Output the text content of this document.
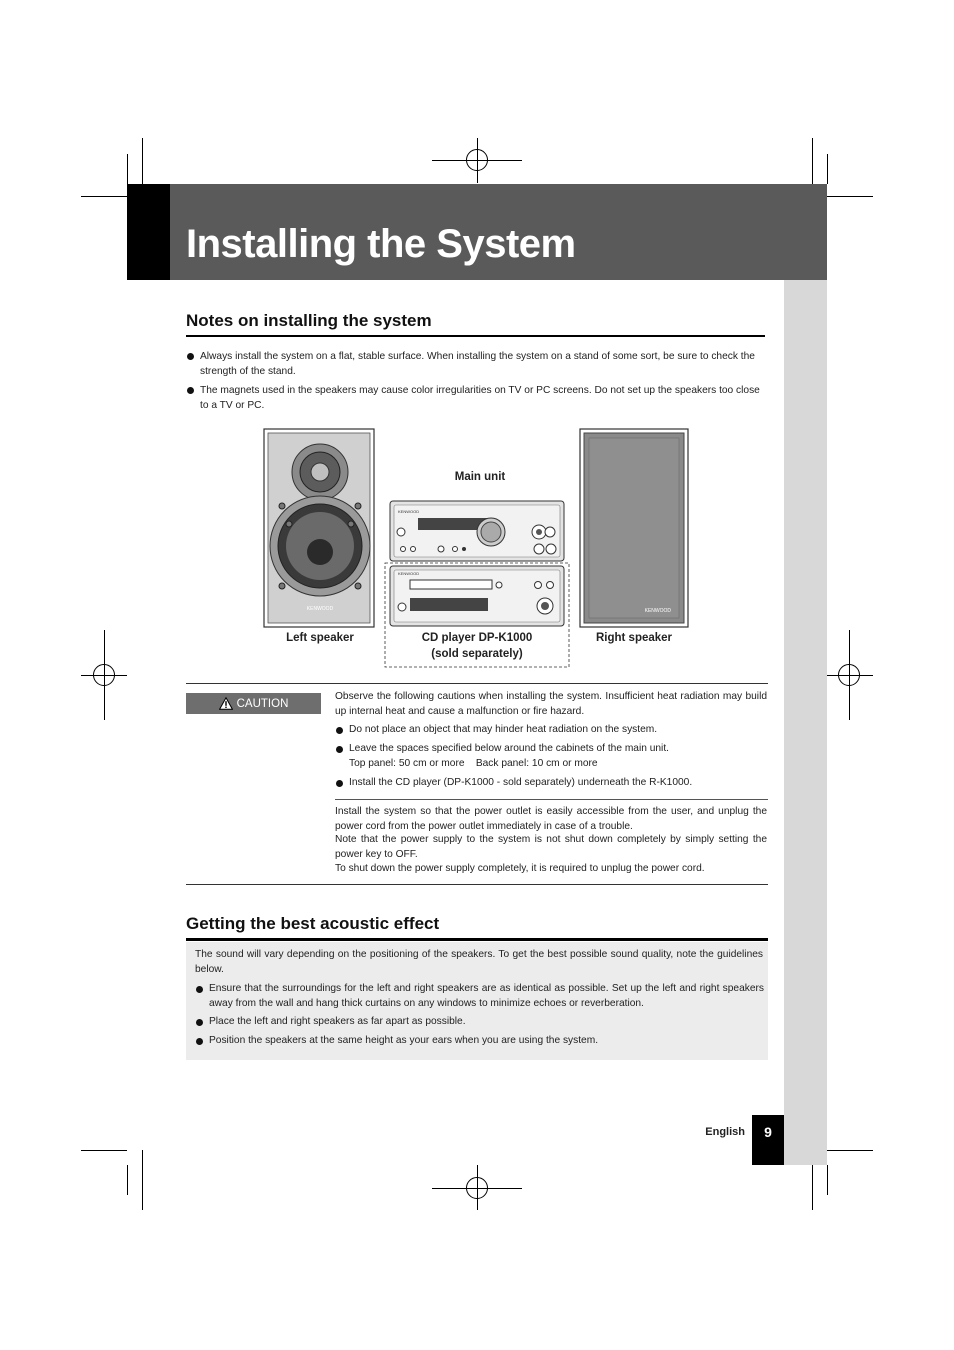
Installing the System
Notes on installing the system
Always install the system on a flat, stable surface. When installing the system on a stand of some sort, be sure to check the strength of the stand.
The magnets used in the speakers may cause color irregularities on TV or PC screens. Do not set up the speakers too close to a TV or PC.
KENWOOD
KENWOOD
KENWOOD
KENWOOD
Main unit
Left speaker	CD player DP-K1000
(sold separately)
Right speaker
CAUTION
Observe the following cautions when installing the system. Insufficient heat radiation may build up internal heat and cause a malfunction or fire hazard.
Do not place an object that may hinder heat radiation on the system.
Leave the spaces specified below around the cabinets of the main unit.
Top panel: 50 cm or more    Back panel: 10 cm or more
Install the CD player (DP-K1000 - sold separately) underneath the R-K1000.
Install the system so that the power outlet is easily accessible from the user, and unplug the power cord from the power outlet immediately in case of a trouble.
Note that the power supply to the system is not shut down completely by simply setting the power key to OFF.
To shut down the power supply completely, it is required to unplug the power cord.
Getting the best acoustic effect
The sound will vary depending on the positioning of the speakers. To get the best possible sound quality, note the guidelines below.
Ensure that the surroundings for the left and right speakers are as identical as possible. Set up the left and right speakers away from the wall and hang thick curtains on any windows to minimize echoes or reverberation.
Place the left and right speakers as far apart as possible.
Position the speakers at the same height as your ears when you are using the system.
English	9
